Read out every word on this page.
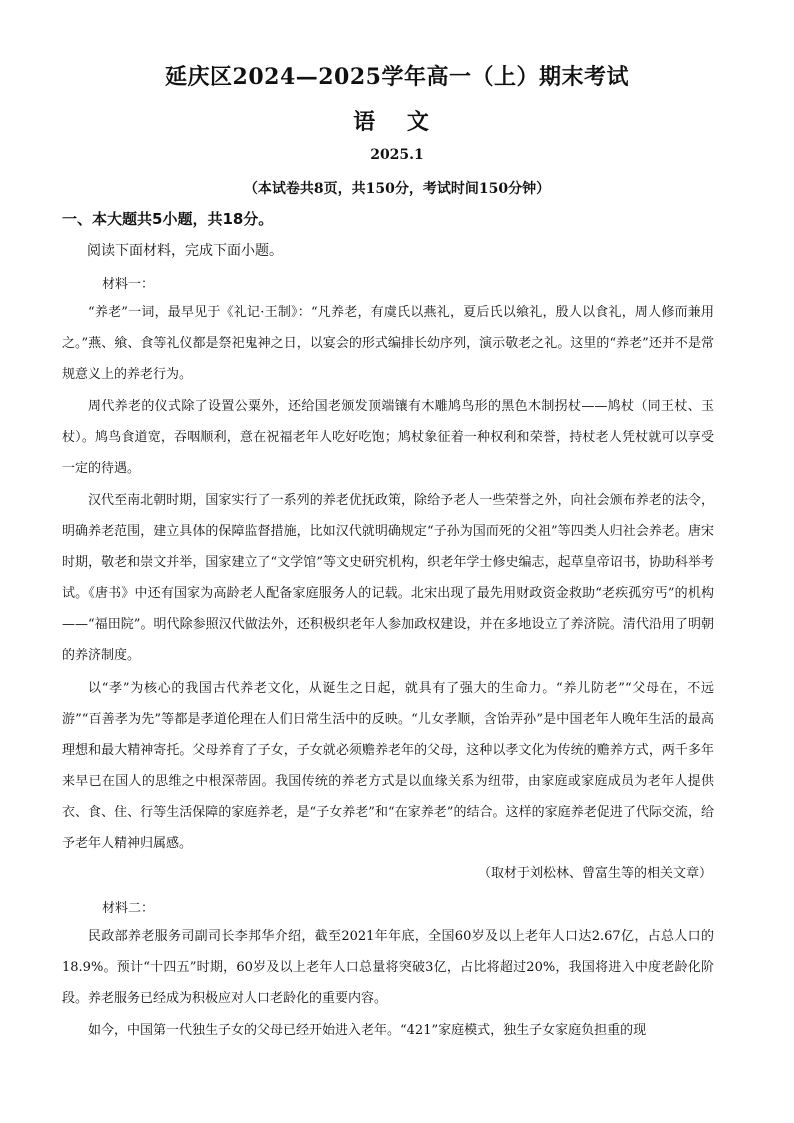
延庆区2024—2025学年高一（上）期末考试
语 文
2025.1
（本试卷共8页，共150分，考试时间150分钟）

一、本大题共5小题，共18分。

阅读下面材料，完成下面小题。

材料一：

“养老”一词，最早见于《礼记·王制》：“凡养老，有虞氏以燕礼，夏后氏以飨礼，殷人以食礼，周人修而兼用之。”燕、飨、食等礼仪都是祭祀鬼神之日，以宴会的形式编排长幼序列，演示敬老之礼。这里的“养老”还并不是常规意义上的养老行为。

周代养老的仪式除了设置公粟外，还给国老颁发顶端镶有木雕鸠鸟形的黑色木制拐杖——鸠杖（同王杖、玉杖）。鸠鸟食道宽，吞咽顺利，意在祝福老年人吃好吃饱；鸠杖象征着一种权利和荣誉，持杖老人凭杖就可以享受一定的待遇。

汉代至南北朝时期，国家实行了一系列的养老优抚政策，除给予老人一些荣誉之外，向社会颁布养老的法令，明确养老范围，建立具体的保障监督措施，比如汉代就明确规定“子孙为国而死的父祖”等四类人归社会养老。唐宋时期，敬老和崇文并举，国家建立了“文学馆”等文史研究机构，织老年学士修史编志，起草皇帝诏书，协助科举考试。《唐书》中还有国家为高龄老人配备家庭服务人的记载。北宋出现了最先用财政资金救助“老疾孤穷丐”的机构——“福田院”。明代除参照汉代做法外，还积极织老年人参加政权建设，并在多地设立了养济院。清代沿用了明朝的养济制度。

以“孝”为核心的我国古代养老文化，从诞生之日起，就具有了强大的生命力。“养儿防老”“父母在，不远游”“百善孝为先”等都是孝道伦理在人们日常生活中的反映。“儿女孝顺，含饴弄孙”是中国老年人晚年生活的最高理想和最大精神寄托。父母养育了子女，子女就必须赡养老年的父母，这种以孝文化为传统的赡养方式，两千多年来早已在国人的思维之中根深蒂固。我国传统的养老方式是以血缘关系为纽带，由家庭或家庭成员为老年人提供衣、食、住、行等生活保障的家庭养老，是“子女养老”和“在家养老”的结合。这样的家庭养老促进了代际交流，给予老年人精神归属感。

（取材于刘松林、曾富生等的相关文章）

材料二：

民政部养老服务司副司长李邦华介绍，截至2021年年底，全国60岁及以上老年人口达2.67亿，占总人口的18.9%。预计“十四五”时期，60岁及以上老年人口总量将突破3亿，占比将超过20%，我国将进入中度老龄化阶段。养老服务已经成为积极应对人口老龄化的重要内容。

如今，中国第一代独生子女的父母已经开始进入老年。“421”家庭模式，独生子女家庭负担重的现
